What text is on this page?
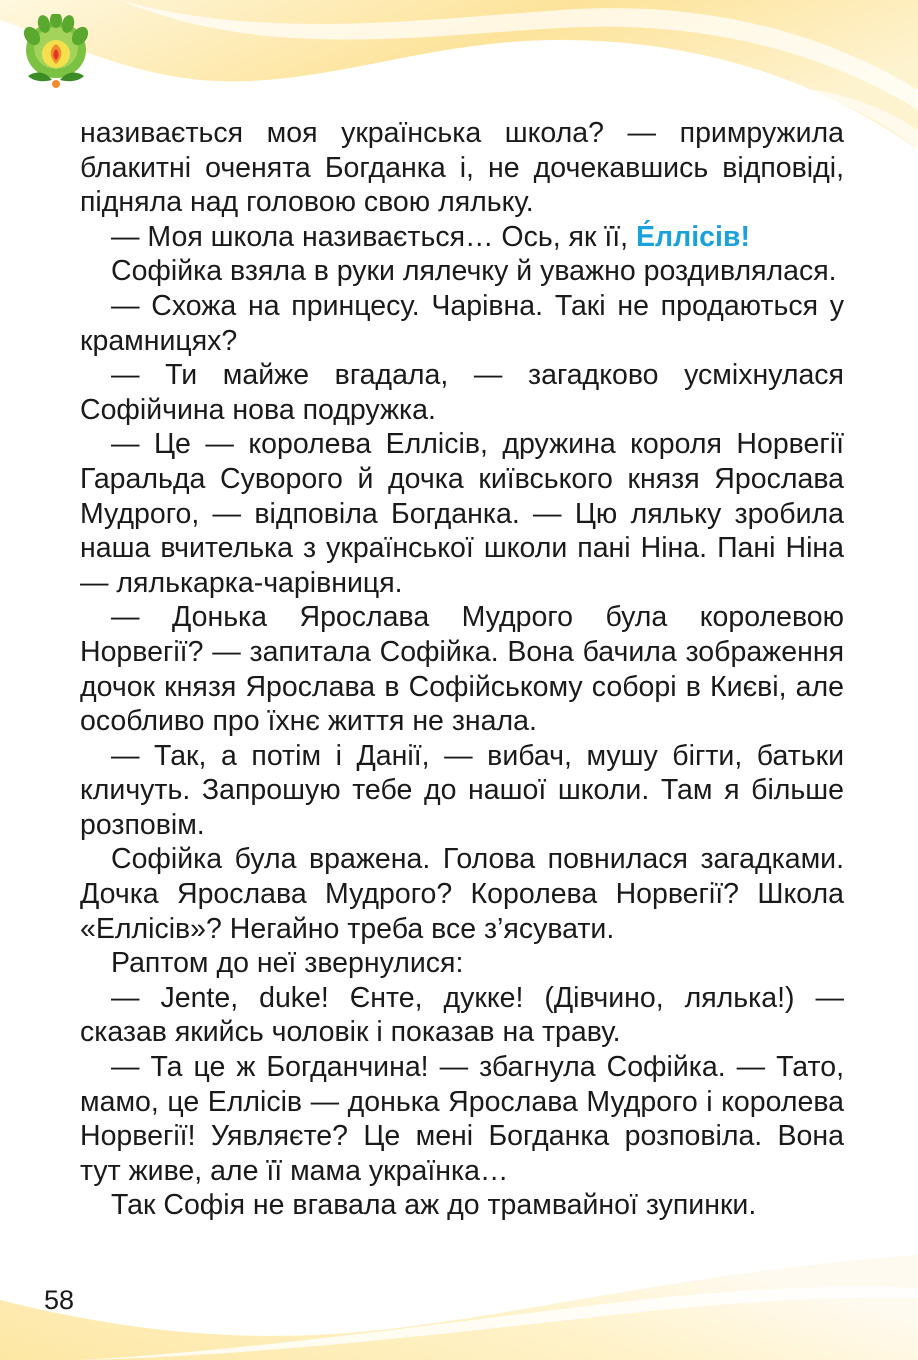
називається моя українська школа? — примружила блакитні оченята Богданка і, не дочекавшись відповіді, підняла над головою свою ляльку.

— Моя школа називається… Ось, як її, Е́ллісів!

Софійка взяла в руки лялечку й уважно роздивлялася.

— Схожа на принцесу. Чарівна. Такі не продаються у крамницях?

— Ти майже вгадала, — загадково усміхнулася Софійчина нова подружка.

— Це — королева Еллісів, дружина короля Норвегії Гаральда Суворого й дочка київського князя Ярослава Мудрого, — відповіла Богданка. — Цю ляльку зробила наша вчителька з української школи пані Ніна. Пані Ніна — лялькарка-чарівниця.

— Донька Ярослава Мудрого була королевою Норвегії? — запитала Софійка. Вона бачила зображення дочок князя Ярослава в Софійському соборі в Києві, але особливо про їхнє життя не знала.

— Так, а потім і Данії, — вибач, мушу бігти, батьки кличуть. Запрошую тебе до нашої школи. Там я більше розповім.

Софійка була вражена. Голова повнилася загадками. Дочка Ярослава Мудрого? Королева Норвегії? Школа «Еллісів»? Негайно треба все з’ясувати.

Раптом до неї звернулися:

— Jente, duke! Єнте, дукке! (Дівчино, лялька!) — сказав якийсь чоловік і показав на траву.

— Та це ж Богданчина! — збагнула Софійка. — Тато, мамо, це Еллісів — донька Ярослава Мудрого і королева Норвегії! Уявляєте? Це мені Богданка розповіла. Вона тут живе, але її мама українка…

Так Софія не вгавала аж до трамвайної зупинки.

58
